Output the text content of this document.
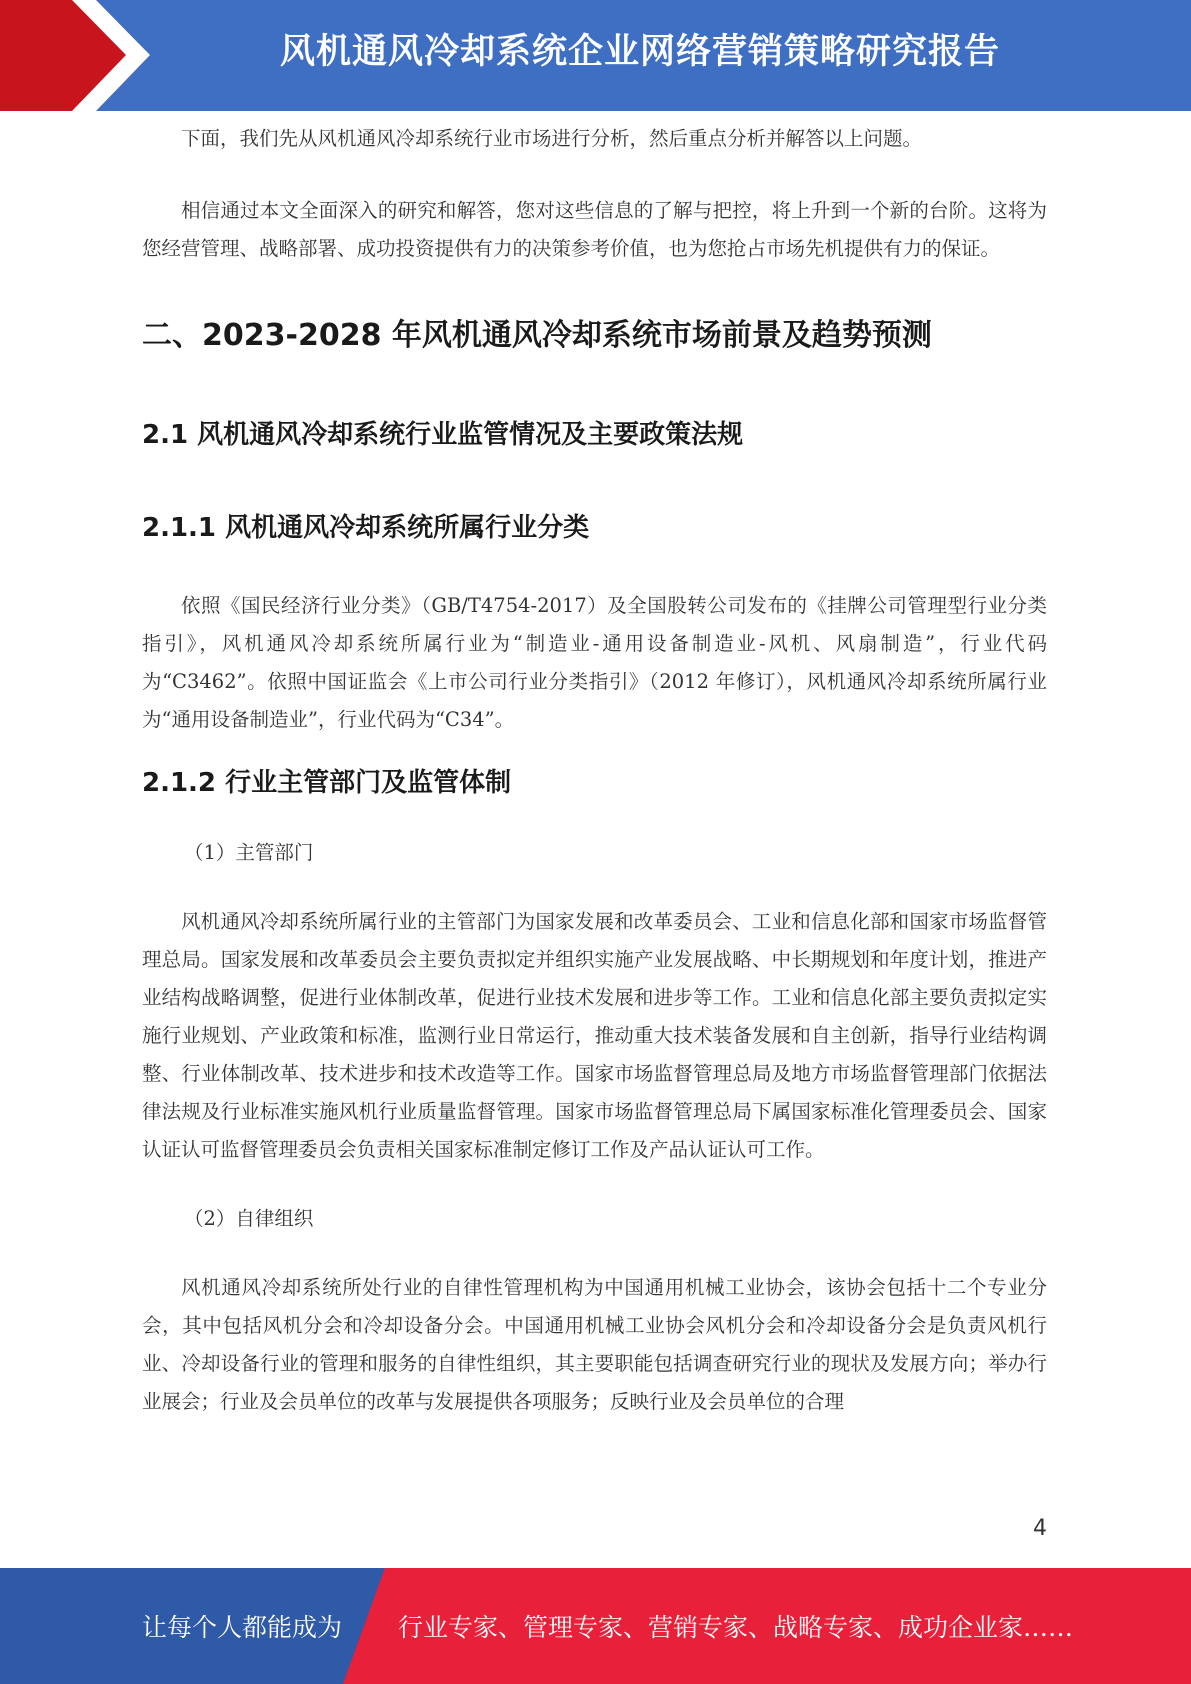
风机通风冷却系统企业网络营销策略研究报告

下面，我们先从风机通风冷却系统行业市场进行分析，然后重点分析并解答以上问题。

相信通过本文全面深入的研究和解答，您对这些信息的了解与把控，将上升到一个新的台阶。这将为您经营管理、战略部署、成功投资提供有力的决策参考价值，也为您抢占市场先机提供有力的保证。

二、2023-2028 年风机通风冷却系统市场前景及趋势预测
2.1 风机通风冷却系统行业监管情况及主要政策法规
2.1.1 风机通风冷却系统所属行业分类

依照《国民经济行业分类》（GB/T4754-2017）及全国股转公司发布的《挂牌公司管理型行业分类指引》，风机通风冷却系统所属行业为“制造业-通用设备制造业-风机、风扇制造”，行业代码为“C3462”。依照中国证监会《上市公司行业分类指引》（2012 年修订），风机通风冷却系统所属行业为“通用设备制造业”，行业代码为“C34”。

2.1.2 行业主管部门及监管体制

（1）主管部门

风机通风冷却系统所属行业的主管部门为国家发展和改革委员会、工业和信息化部和国家市场监督管理总局。国家发展和改革委员会主要负责拟定并组织实施产业发展战略、中长期规划和年度计划，推进产业结构战略调整，促进行业体制改革，促进行业技术发展和进步等工作。工业和信息化部主要负责拟定实施行业规划、产业政策和标准，监测行业日常运行，推动重大技术装备发展和自主创新，指导行业结构调整、行业体制改革、技术进步和技术改造等工作。国家市场监督管理总局及地方市场监督管理部门依据法律法规及行业标准实施风机行业质量监督管理。国家市场监督管理总局下属国家标准化管理委员会、国家认证认可监督管理委员会负责相关国家标准制定修订工作及产品认证认可工作。

（2）自律组织

风机通风冷却系统所处行业的自律性管理机构为中国通用机械工业协会，该协会包括十二个专业分会，其中包括风机分会和冷却设备分会。中国通用机械工业协会风机分会和冷却设备分会是负责风机行业、冷却设备行业的管理和服务的自律性组织，其主要职能包括调查研究行业的现状及发展方向；举办行业展会；行业及会员单位的改革与发展提供各项服务；反映行业及会员单位的合理

4
让每个人都能成为 行业专家、管理专家、营销专家、战略专家、成功企业家……
